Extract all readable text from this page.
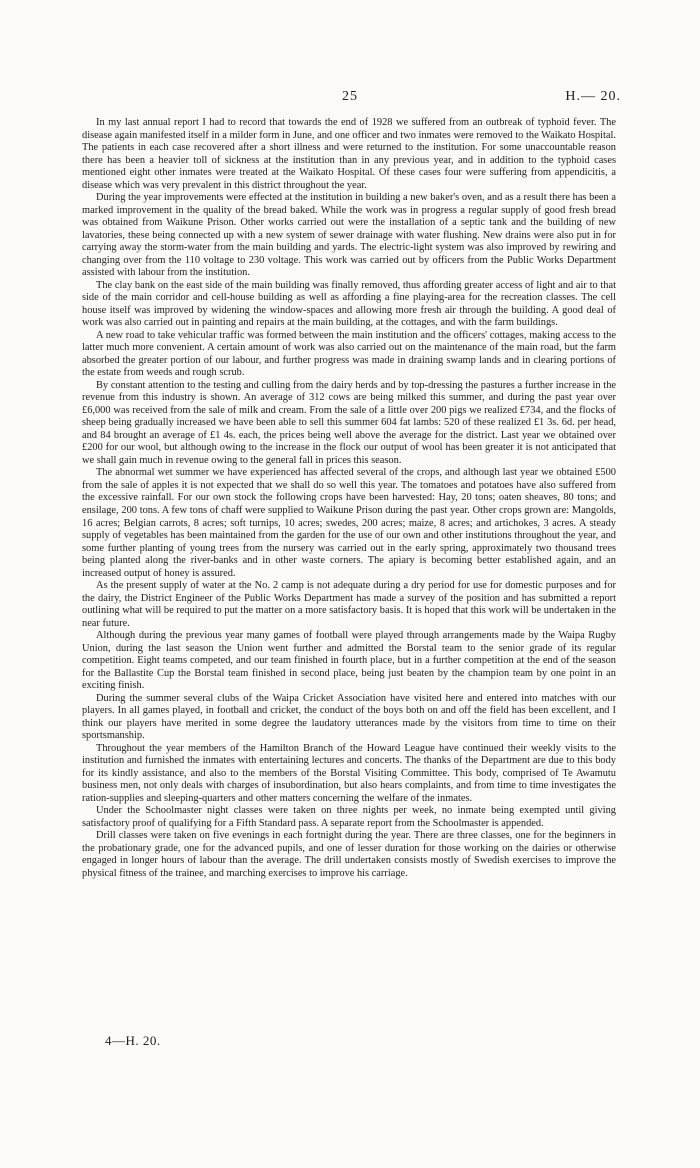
25	H.— 20.

In my last annual report I had to record that towards the end of 1928 we suffered from an outbreak of typhoid fever. The disease again manifested itself in a milder form in June, and one officer and two inmates were removed to the Waikato Hospital. The patients in each case recovered after a short illness and were returned to the institution. For some unaccountable reason there has been a heavier toll of sickness at the institution than in any previous year, and in addition to the typhoid cases mentioned eight other inmates were treated at the Waikato Hospital. Of these cases four were suffering from appendicitis, a disease which was very prevalent in this district throughout the year.

During the year improvements were effected at the institution in building a new baker's oven, and as a result there has been a marked improvement in the quality of the bread baked. While the work was in progress a regular supply of good fresh bread was obtained from Waikune Prison. Other works carried out were the installation of a septic tank and the building of new lavatories, these being connected up with a new system of sewer drainage with water flushing. New drains were also put in for carrying away the storm-water from the main building and yards. The electric-light system was also improved by rewiring and changing over from the 110 voltage to 230 voltage. This work was carried out by officers from the Public Works Department assisted with labour from the institution.

The clay bank on the east side of the main building was finally removed, thus affording greater access of light and air to that side of the main corridor and cell-house building as well as affording a fine playing-area for the recreation classes. The cell house itself was improved by widening the window-spaces and allowing more fresh air through the building. A good deal of work was also carried out in painting and repairs at the main building, at the cottages, and with the farm buildings.

A new road to take vehicular traffic was formed between the main institution and the officers' cottages, making access to the latter much more convenient. A certain amount of work was also carried out on the maintenance of the main road, but the farm absorbed the greater portion of our labour, and further progress was made in draining swamp lands and in clearing portions of the estate from weeds and rough scrub.

By constant attention to the testing and culling from the dairy herds and by top-dressing the pastures a further increase in the revenue from this industry is shown. An average of 312 cows are being milked this summer, and during the past year over £6,000 was received from the sale of milk and cream. From the sale of a little over 200 pigs we realized £734, and the flocks of sheep being gradually increased we have been able to sell this summer 604 fat lambs: 520 of these realized £1 3s. 6d. per head, and 84 brought an average of £1 4s. each, the prices being well above the average for the district. Last year we obtained over £200 for our wool, but although owing to the increase in the flock our output of wool has been greater it is not anticipated that we shall gain much in revenue owing to the general fall in prices this season.

The abnormal wet summer we have experienced has affected several of the crops, and although last year we obtained £500 from the sale of apples it is not expected that we shall do so well this year. The tomatoes and potatoes have also suffered from the excessive rainfall. For our own stock the following crops have been harvested: Hay, 20 tons; oaten sheaves, 80 tons; and ensilage, 200 tons. A few tons of chaff were supplied to Waikune Prison during the past year. Other crops grown are: Mangolds, 16 acres; Belgian carrots, 8 acres; soft turnips, 10 acres; swedes, 200 acres; maize, 8 acres; and artichokes, 3 acres. A steady supply of vegetables has been maintained from the garden for the use of our own and other institutions throughout the year, and some further planting of young trees from the nursery was carried out in the early spring, approximately two thousand trees being planted along the river-banks and in other waste corners. The apiary is becoming better established again, and an increased output of honey is assured.

As the present supply of water at the No. 2 camp is not adequate during a dry period for use for domestic purposes and for the dairy, the District Engineer of the Public Works Department has made a survey of the position and has submitted a report outlining what will be required to put the matter on a more satisfactory basis. It is hoped that this work will be undertaken in the near future.

Although during the previous year many games of football were played through arrangements made by the Waipa Rugby Union, during the last season the Union went further and admitted the Borstal team to the senior grade of its regular competition. Eight teams competed, and our team finished in fourth place, but in a further competition at the end of the season for the Ballastite Cup the Borstal team finished in second place, being just beaten by the champion team by one point in an exciting finish.

During the summer several clubs of the Waipa Cricket Association have visited here and entered into matches with our players. In all games played, in football and cricket, the conduct of the boys both on and off the field has been excellent, and I think our players have merited in some degree the laudatory utterances made by the visitors from time to time on their sportsmanship.

Throughout the year members of the Hamilton Branch of the Howard League have continued their weekly visits to the institution and furnished the inmates with entertaining lectures and concerts. The thanks of the Department are due to this body for its kindly assistance, and also to the members of the Borstal Visiting Committee. This body, comprised of Te Awamutu business men, not only deals with charges of insubordination, but also hears complaints, and from time to time investigates the ration-supplies and sleeping-quarters and other matters concerning the welfare of the inmates.

Under the Schoolmaster night classes were taken on three nights per week, no inmate being exempted until giving satisfactory proof of qualifying for a Fifth Standard pass. A separate report from the Schoolmaster is appended.

Drill classes were taken on five evenings in each fortnight during the year. There are three classes, one for the beginners in the probationary grade, one for the advanced pupils, and one of lesser duration for those working on the dairies or otherwise engaged in longer hours of labour than the average. The drill undertaken consists mostly of Swedish exercises to improve the physical fitness of the trainee, and marching exercises to improve his carriage.

4—H. 20.
